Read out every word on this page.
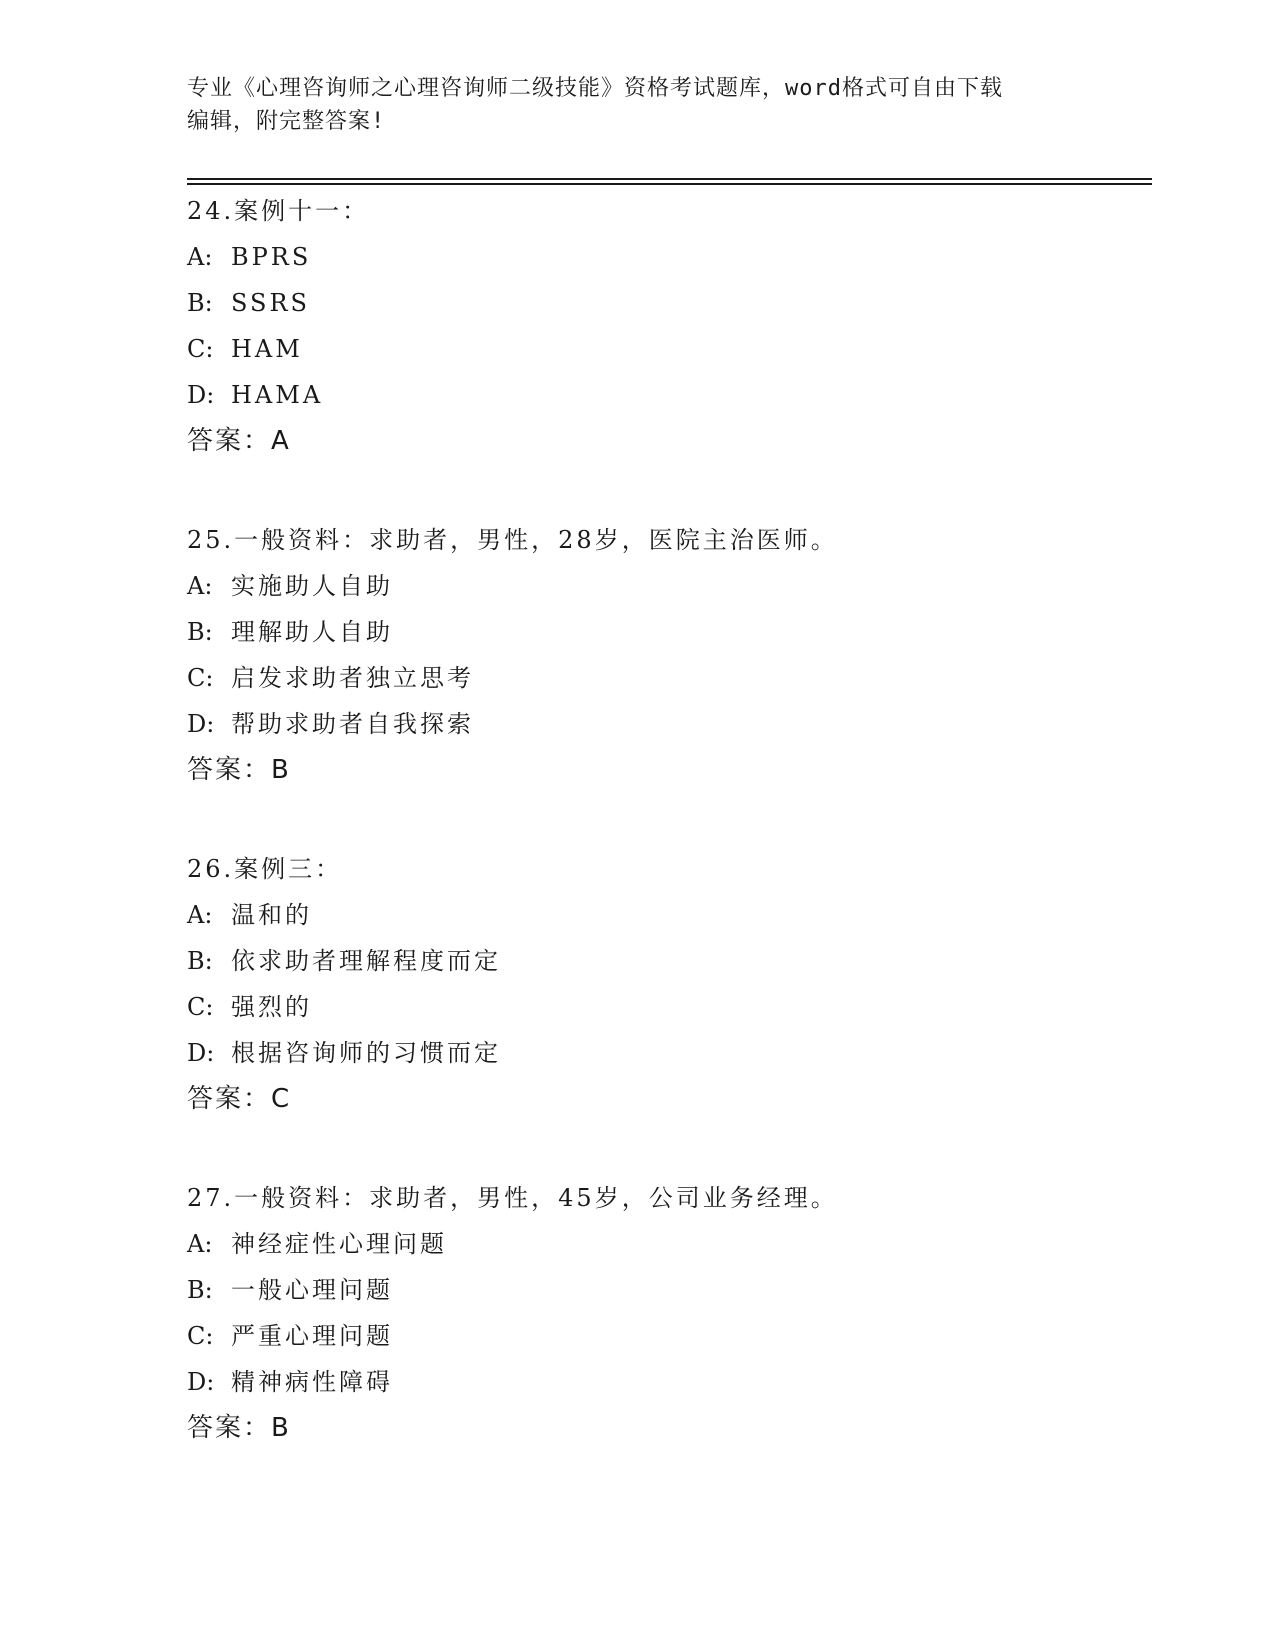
专业《心理咨询师之心理咨询师二级技能》资格考试题库，word格式可自由下载
编辑，附完整答案!
24.案例十一：
A: BPRS
B: SSRS
C: HAM
D: HAMA
答案：A
25.一般资料：求助者，男性，28岁，医院主治医师。
A: 实施助人自助
B: 理解助人自助
C: 启发求助者独立思考
D: 帮助求助者自我探索
答案：B
26.案例三：
A: 温和的
B: 依求助者理解程度而定
C: 强烈的
D: 根据咨询师的习惯而定
答案：C
27.一般资料：求助者，男性，45岁，公司业务经理。
A: 神经症性心理问题
B: 一般心理问题
C: 严重心理问题
D: 精神病性障碍
答案：B
